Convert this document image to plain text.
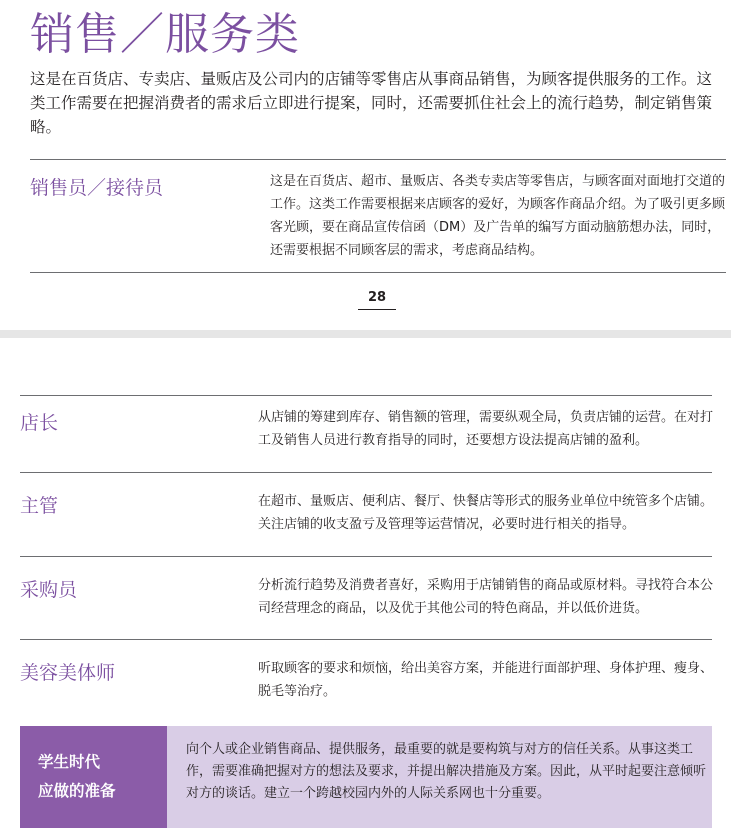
销售／服务类

这是在百货店、专卖店、量贩店及公司内的店铺等零售店从事商品销售，为顾客提供服务的工作。这类工作需要在把握消费者的需求后立即进行提案，同时，还需要抓住社会上的流行趋势，制定销售策略。

销售员／接待员	这是在百货店、超市、量贩店、各类专卖店等零售店，与顾客面对面地打交道的工作。这类工作需要根据来店顾客的爱好，为顾客作商品介绍。为了吸引更多顾客光顾，要在商品宣传信函（DM）及广告单的编写方面动脑筋想办法，同时，还需要根据不同顾客层的需求，考虑商品结构。

28
店长	从店铺的筹建到库存、销售额的管理，需要纵观全局，负责店铺的运营。在对打工及销售人员进行教育指导的同时，还要想方设法提高店铺的盈利。

主管	在超市、量贩店、便利店、餐厅、快餐店等形式的服务业单位中统管多个店铺。关注店铺的收支盈亏及管理等运营情况，必要时进行相关的指导。

采购员	分析流行趋势及消费者喜好，采购用于店铺销售的商品或原材料。寻找符合本公司经营理念的商品，以及优于其他公司的特色商品，并以低价进货。

美容美体师	听取顾客的要求和烦恼，给出美容方案，并能进行面部护理、身体护理、瘦身、脱毛等治疗。

学生时代
应做的准备

向个人或企业销售商品、提供服务，最重要的就是要构筑与对方的信任关系。从事这类工作，需要准确把握对方的想法及要求，并提出解决措施及方案。因此，从平时起要注意倾听对方的谈话。建立一个跨越校园内外的人际关系网也十分重要。
